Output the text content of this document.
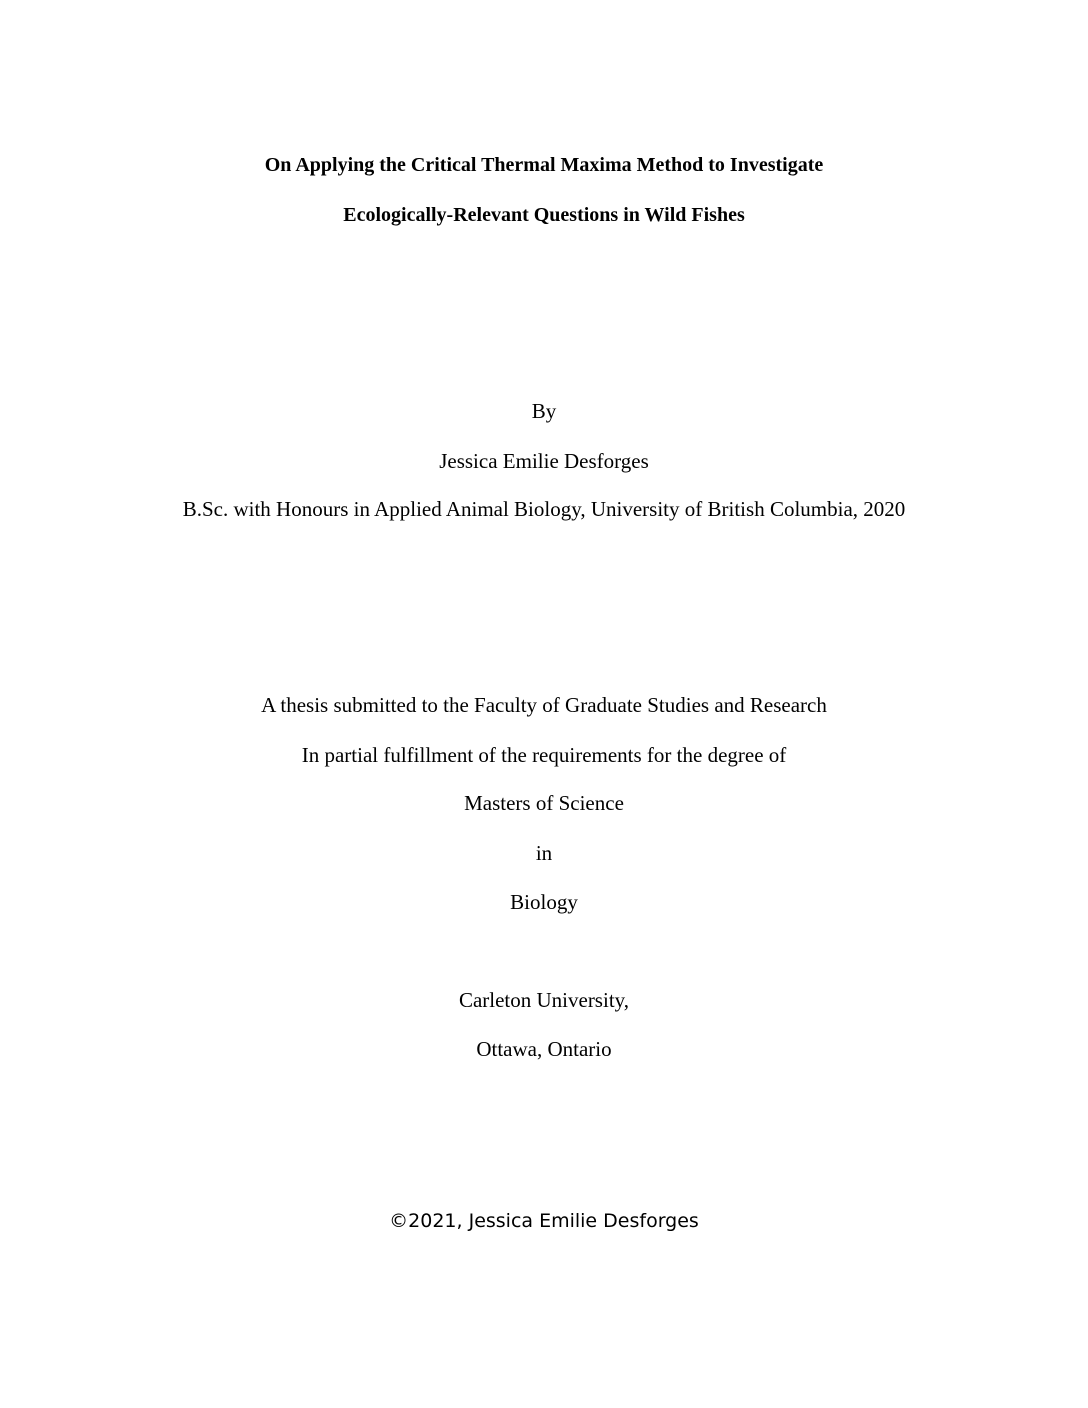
On Applying the Critical Thermal Maxima Method to Investigate
Ecologically-Relevant Questions in Wild Fishes
By
Jessica Emilie Desforges
B.Sc. with Honours in Applied Animal Biology, University of British Columbia, 2020
A thesis submitted to the Faculty of Graduate Studies and Research
In partial fulfillment of the requirements for the degree of
Masters of Science
in
Biology
Carleton University,
Ottawa, Ontario
©2021, Jessica Emilie Desforges
